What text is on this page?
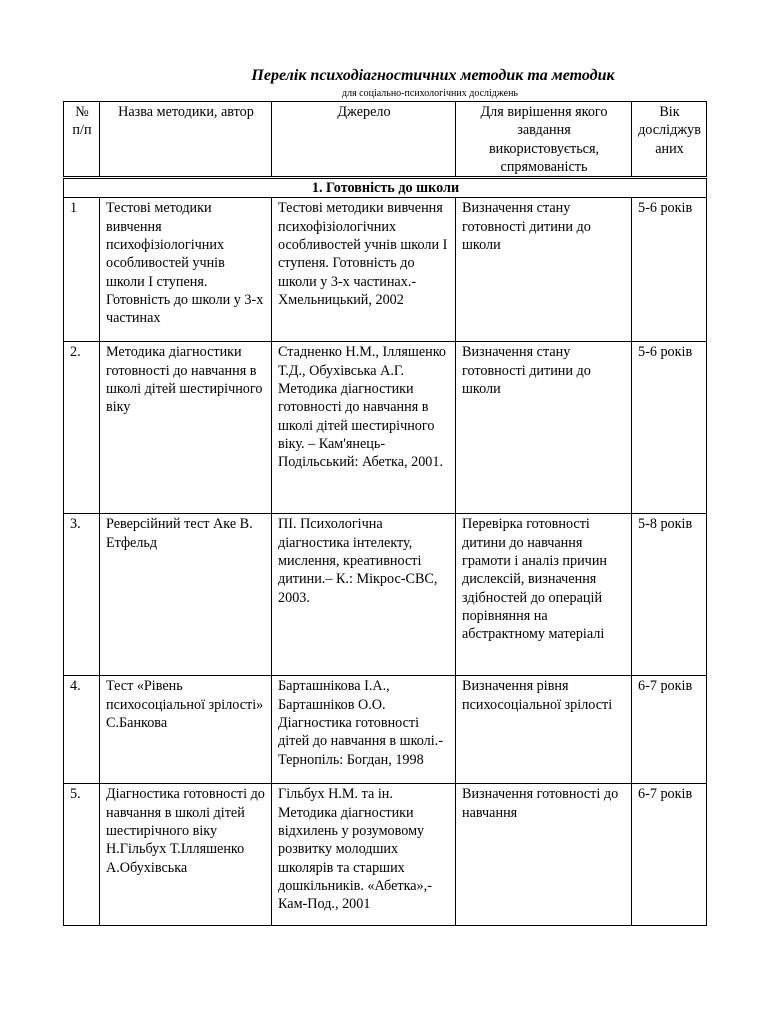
Перелік психодіагностичних методик та методик
для соціально-психологічних досліджень
№ п/п	Назва методики, автор	Джерело	Для вирішення якого завдання використовується, спрямованість	Вік досліджув аних
1. Готовність до школи				
1	Тестові методики вивчення психофізіологічних особливостей учнів школи І ступеня. Готовність до школи у 3-х частинах	Тестові методики вивчення психофізіологічних особливостей учнів школи І ступеня. Готовність до школи у 3-х частинах.- Хмельницький, 2002	Визначення стану готовності дитини до школи	5-6 років
2.	Методика діагностики готовності до навчання в школі дітей шестирічного віку	Стадненко Н.М., Ілляшенко Т.Д., Обухівська А.Г. Методика діагностики готовності до навчання в школі дітей шестирічного віку. – Кам'янець-Подільський: Абетка, 2001.	Визначення стану готовності дитини до школи	5-6 років
3.	Реверсійний тест Аке В. Етфельд	ПІ. Психологічна діагностика інтелекту, мислення, креативності дитини.– К.: Мікрос-СВС, 2003.	Перевірка готовності дитини до навчання грамоти і аналіз причин дислексій, визначення здібностей до операцій порівняння на абстрактному матеріалі	5-8 років
4.	Тест «Рівень психосоціальної зрілості» С.Банкова	Барташнікова І.А., Барташніков О.О. Діагностика готовності дітей до навчання в школі.- Тернопіль: Богдан, 1998	Визначення рівня психосоціальної зрілості	6-7 років
5.	Діагностика готовності до навчання в школі дітей шестирічного віку Н.Гільбух Т.Ілляшенко А.Обухівська	Гільбух Н.М. та ін. Методика діагностики відхилень у розумовому розвитку молодших школярів та старших дошкільників. «Абетка»,- Кам-Под., 2001	Визначення готовності до навчання	6-7 років
